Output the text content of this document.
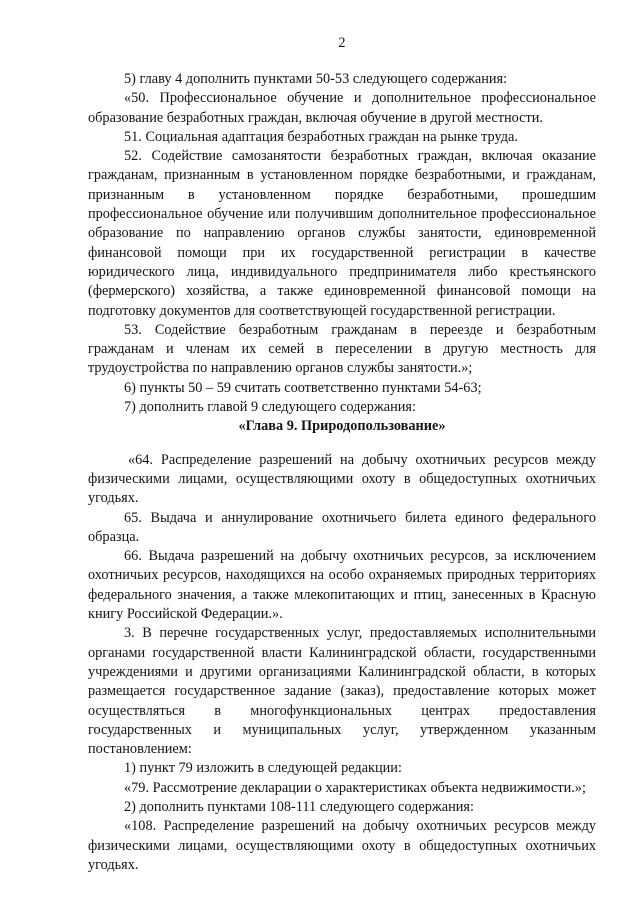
2

5) главу 4 дополнить пунктами 50-53 следующего содержания:

«50. Профессиональное обучение и дополнительное профессиональное образование безработных граждан, включая обучение в другой местности.

51. Социальная адаптация безработных граждан на рынке труда.

52. Содействие самозанятости безработных граждан, включая оказание гражданам, признанным в установленном порядке безработными, и гражданам, признанным в установленном порядке безработными, прошедшим профессиональное обучение или получившим дополнительное профессиональное образование по направлению органов службы занятости, единовременной финансовой помощи при их государственной регистрации в качестве юридического лица, индивидуального предпринимателя либо крестьянского (фермерского) хозяйства, а также единовременной финансовой помощи на подготовку документов для соответствующей государственной регистрации.

53. Содействие безработным гражданам в переезде и безработным гражданам и членам их семей в переселении в другую местность для трудоустройства по направлению органов службы занятости.»;

6) пункты 50 – 59 считать соответственно пунктами 54-63;

7) дополнить главой 9 следующего содержания:

«Глава 9. Природопользование»

«64. Распределение разрешений на добычу охотничьих ресурсов между физическими лицами, осуществляющими охоту в общедоступных охотничьих угодьях.

65. Выдача и аннулирование охотничьего билета единого федерального образца.

66. Выдача разрешений на добычу охотничьих ресурсов, за исключением охотничьих ресурсов, находящихся на особо охраняемых природных территориях федерального значения, а также млекопитающих и птиц, занесенных в Красную книгу Российской Федерации.».

3. В перечне государственных услуг, предоставляемых исполнительными органами государственной власти Калининградской области, государственными учреждениями и другими организациями Калининградской области, в которых размещается государственное задание (заказ), предоставление которых может осуществляться в многофункциональных центрах предоставления государственных и муниципальных услуг, утвержденном указанным постановлением:

1) пункт 79 изложить в следующей редакции:

«79. Рассмотрение декларации о характеристиках объекта недвижимости.»;

2) дополнить пунктами 108-111 следующего содержания:

«108. Распределение разрешений на добычу охотничьих ресурсов между физическими лицами, осуществляющими охоту в общедоступных охотничьих угодьях.
